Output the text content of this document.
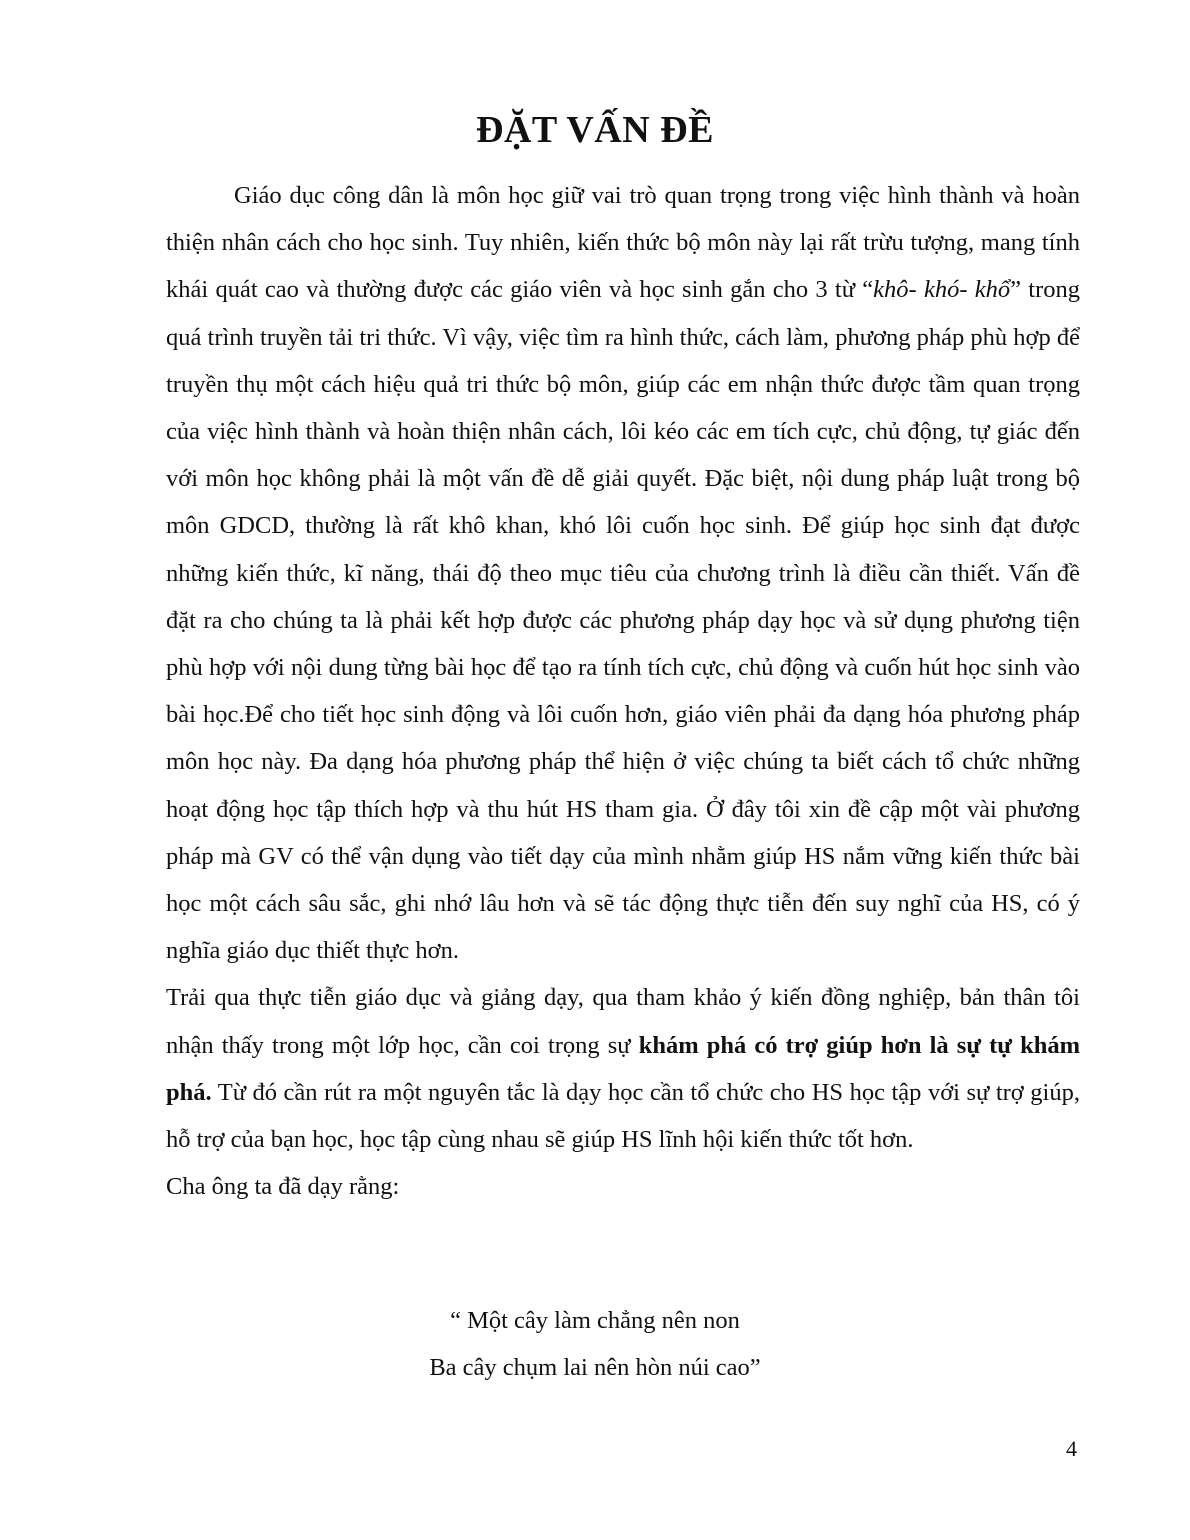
ĐẶT VẤN ĐỀ

Giáo dục công dân là môn học giữ vai trò quan trọng trong việc hình thành và hoàn thiện nhân cách cho học sinh. Tuy nhiên, kiến thức bộ môn này lại rất trừu tượng, mang tính khái quát cao và thường được các giáo viên và học sinh gắn cho 3 từ “khô- khó- khổ” trong quá trình truyền tải tri thức. Vì vậy, việc tìm ra hình thức, cách làm, phương pháp phù hợp để truyền thụ một cách hiệu quả tri thức bộ môn, giúp các em nhận thức được tầm quan trọng của việc hình thành và hoàn thiện nhân cách, lôi kéo các em tích cực, chủ động, tự giác đến với môn học không phải là một vấn đề dễ giải quyết. Đặc biệt, nội dung pháp luật trong bộ môn GDCD, thường là rất khô khan, khó lôi cuốn học sinh. Để giúp học sinh đạt được những kiến thức, kĩ năng, thái độ theo mục tiêu của chương trình là điều cần thiết. Vấn đề đặt ra cho chúng ta là phải kết hợp được các phương pháp dạy học và sử dụng phương tiện phù hợp với nội dung từng bài học để tạo ra tính tích cực, chủ động và cuốn hút học sinh vào bài học.Để cho tiết học sinh động và lôi cuốn hơn, giáo viên phải đa dạng hóa phương pháp môn học này. Đa dạng hóa phương pháp thể hiện ở việc chúng ta biết cách tổ chức những hoạt động học tập thích hợp và thu hút HS tham gia. Ở đây tôi xin đề cập một vài phương pháp mà GV có thể vận dụng vào tiết dạy của mình nhằm giúp HS nắm vững kiến thức bài học một cách sâu sắc, ghi nhớ lâu hơn và sẽ tác động thực tiễn đến suy nghĩ của HS, có ý nghĩa giáo dục thiết thực hơn.

Trải qua thực tiễn giáo dục và giảng dạy, qua tham khảo ý kiến đồng nghiệp, bản thân tôi nhận thấy trong một lớp học, cần coi trọng sự khám phá có trợ giúp hơn là sự tự khám phá. Từ đó cần rút ra một nguyên tắc là dạy học cần tổ chức cho HS học tập với sự trợ giúp, hỗ trợ của bạn học, học tập cùng nhau sẽ giúp HS lĩnh hội kiến thức tốt hơn.

Cha ông ta đã dạy rằng:

“ Một cây làm chẳng nên non
Ba cây chụm lai nên hòn núi cao”
4
